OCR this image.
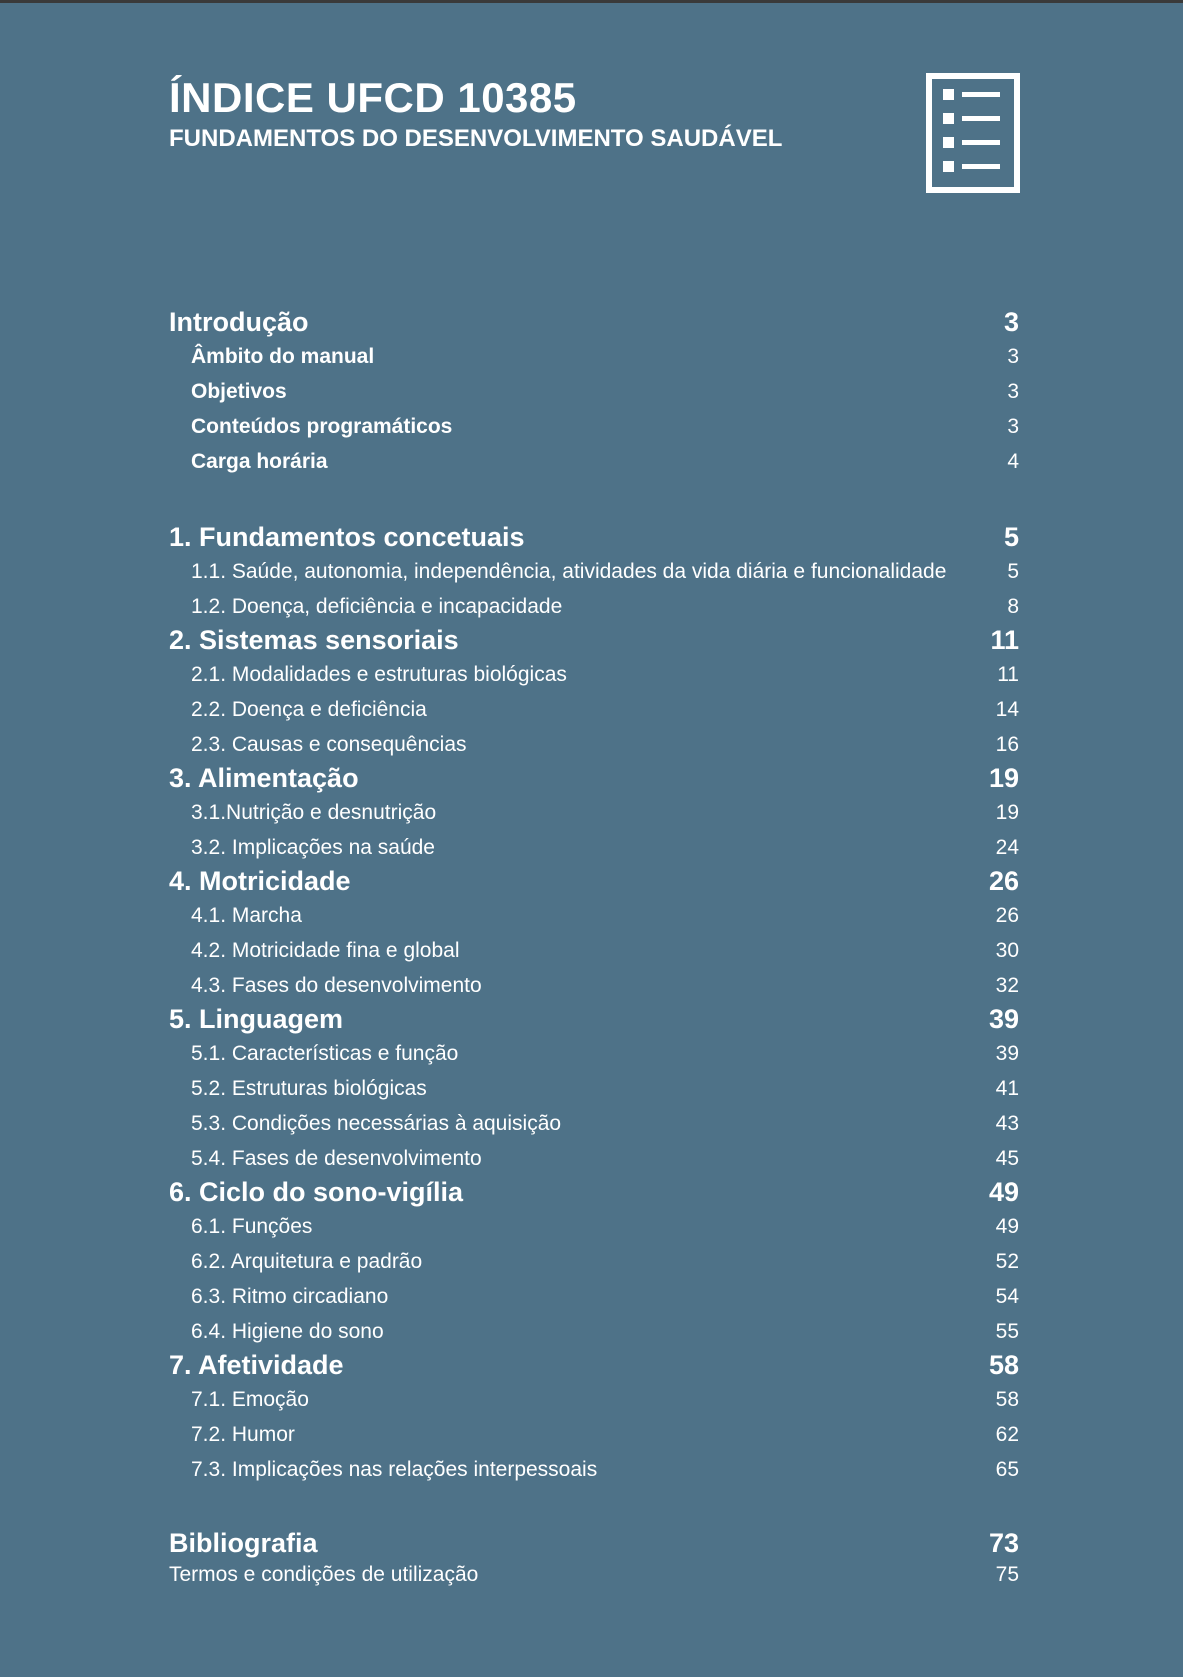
ÍNDICE UFCD 10385
FUNDAMENTOS DO DESENVOLVIMENTO SAUDÁVEL
Introdução	3
Âmbito do manual	3
Objetivos	3
Conteúdos programáticos	3
Carga horária	4
1. Fundamentos concetuais	5
1.1. Saúde, autonomia, independência, atividades da vida diária e funcionalidade	5
1.2. Doença, deficiência e incapacidade	8
2. Sistemas sensoriais	11
2.1. Modalidades e estruturas biológicas	11
2.2. Doença e deficiência	14
2.3. Causas e consequências	16
3. Alimentação	19
3.1.Nutrição e desnutrição	19
3.2. Implicações na saúde	24
4. Motricidade	26
4.1. Marcha	26
4.2. Motricidade fina e global	30
4.3. Fases do desenvolvimento	32
5. Linguagem	39
5.1. Características e função	39
5.2. Estruturas biológicas	41
5.3. Condições necessárias à aquisição	43
5.4. Fases de desenvolvimento	45
6. Ciclo do sono-vigília	49
6.1. Funções	49
6.2. Arquitetura e padrão	52
6.3. Ritmo circadiano	54
6.4. Higiene do sono	55
7. Afetividade	58
7.1. Emoção	58
7.2. Humor	62
7.3. Implicações nas relações interpessoais	65
Bibliografia	73
Termos e condições de utilização	75
